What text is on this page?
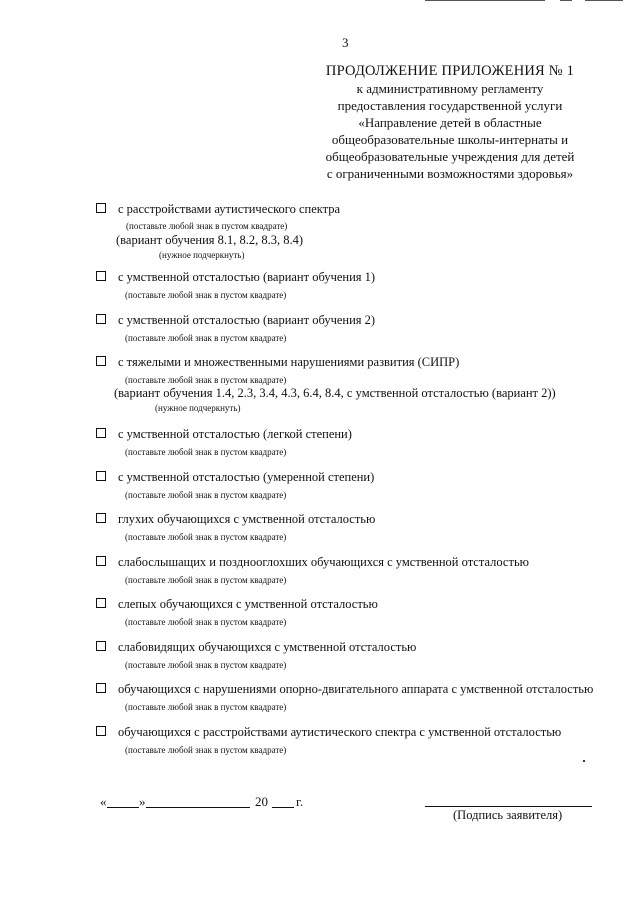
3
ПРОДОЛЖЕНИЕ ПРИЛОЖЕНИЯ № 1
к административному регламенту
предоставления государственной услуги
«Направление детей в областные
общеобразовательные школы-интернаты и
общеобразовательные учреждения для детей
с ограниченными возможностями здоровья»
с расстройствами аутистического спектра
(поставьте любой знак в пустом квадрате)
(вариант обучения 8.1, 8.2, 8.3, 8.4)
(нужное подчеркнуть)
с умственной отсталостью (вариант обучения 1)
(поставьте любой знак в пустом квадрате)
с умственной отсталостью (вариант обучения 2)
(поставьте любой знак в пустом квадрате)
с тяжелыми и множественными нарушениями развития (СИПР)
(поставьте любой знак в пустом квадрате)
(вариант обучения 1.4, 2.3, 3.4, 4.3, 6.4, 8.4, с умственной отсталостью (вариант 2))
(нужное подчеркнуть)
с умственной отсталостью (легкой степени)
(поставьте любой знак в пустом квадрате)
с умственной отсталостью (умеренной степени)
(поставьте любой знак в пустом квадрате)
глухих обучающихся с умственной отсталостью
(поставьте любой знак в пустом квадрате)
слабослышащих и позднооглохших обучающихся с умственной отсталостью
(поставьте любой знак в пустом квадрате)
слепых обучающихся с умственной отсталостью
(поставьте любой знак в пустом квадрате)
слабовидящих обучающихся с умственной отсталостью
(поставьте любой знак в пустом квадрате)
обучающихся с нарушениями опорно-двигательного аппарата с умственной отсталостью
(поставьте любой знак в пустом квадрате)
обучающихся с расстройствами аутистического спектра с умственной отсталостью
(поставьте любой знак в пустом квадрате)
«	»	20 г.
(Подпись заявителя)
